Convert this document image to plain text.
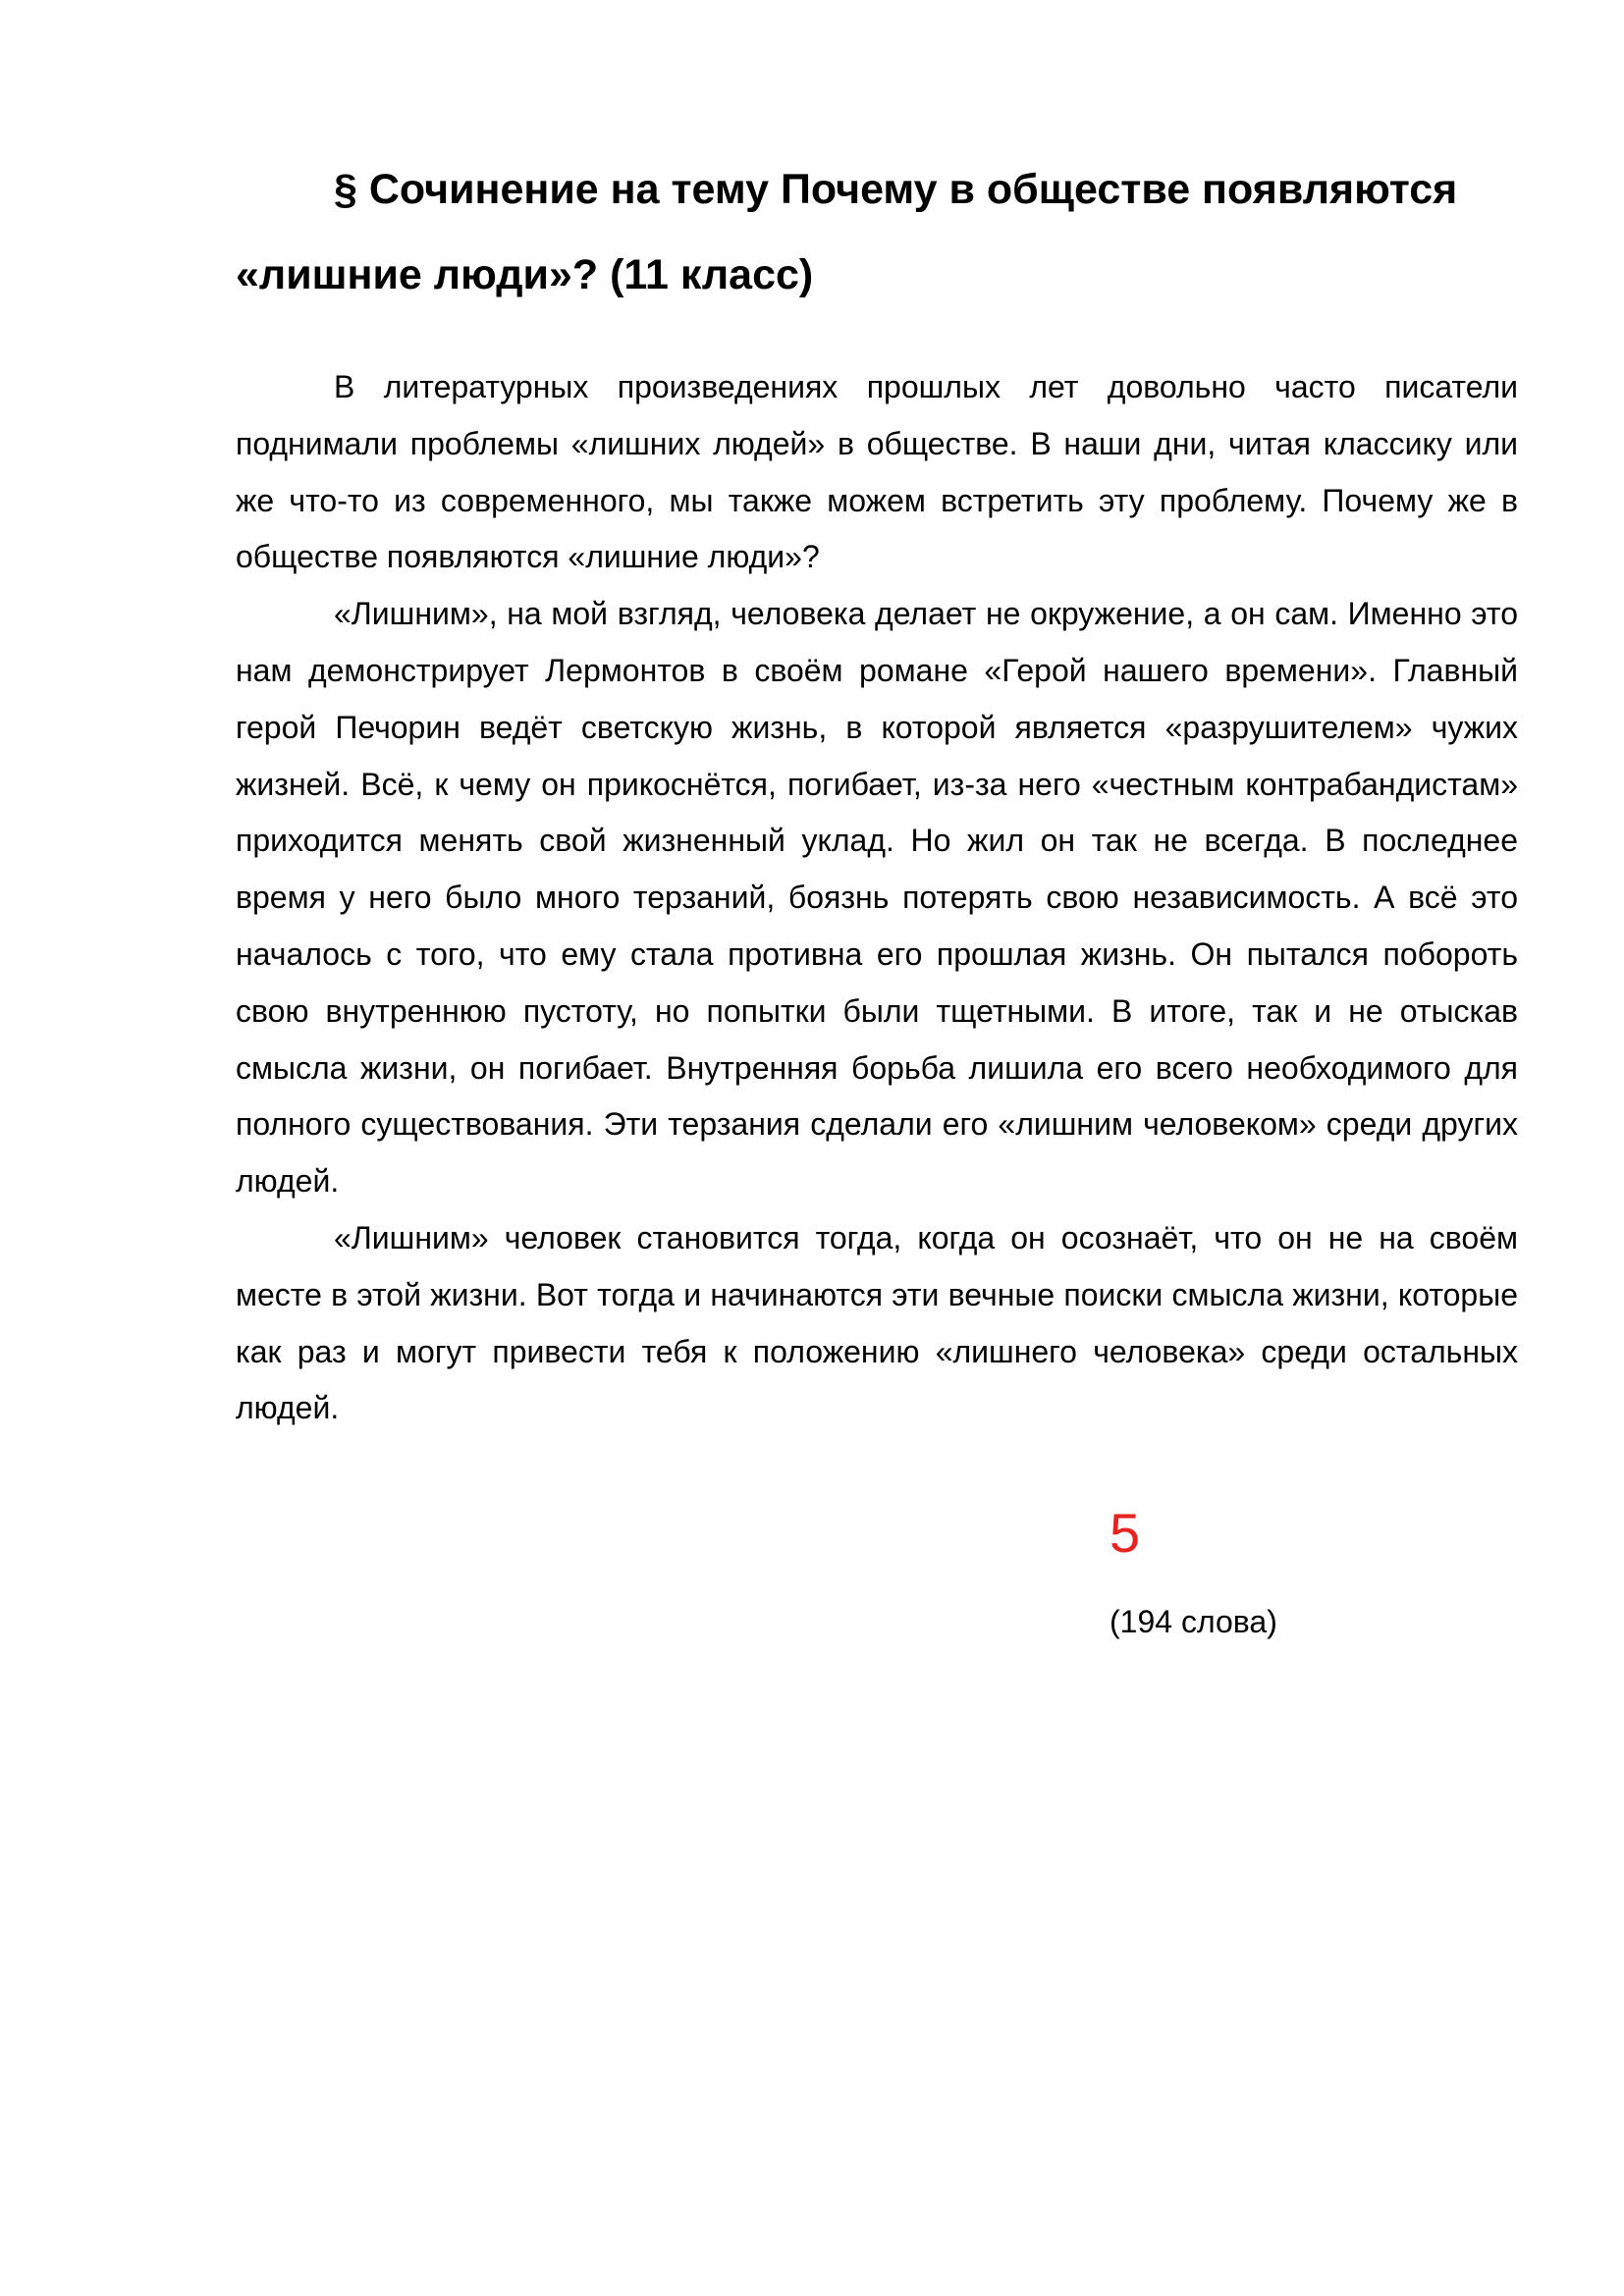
§ Сочинение на тему Почему в обществе появляются «лишние люди»? (11 класс)

В литературных произведениях прошлых лет довольно часто писатели поднимали проблемы «лишних людей» в обществе. В наши дни, читая классику или же что-то из современного, мы также можем встретить эту проблему. Почему же в обществе появляются «лишние люди»?

«Лишним», на мой взгляд, человека делает не окружение, а он сам. Именно это нам демонстрирует Лермонтов в своём романе «Герой нашего времени». Главный герой Печорин ведёт светскую жизнь, в которой является «разрушителем» чужих жизней. Всё, к чему он прикоснётся, погибает, из-за него «честным контрабандистам» приходится менять свой жизненный уклад. Но жил он так не всегда. В последнее время у него было много терзаний, боязнь потерять свою независимость. А всё это началось с того, что ему стала противна его прошлая жизнь. Он пытался побороть свою внутреннюю пустоту, но попытки были тщетными. В итоге, так и не отыскав смысла жизни, он погибает. Внутренняя борьба лишила его всего необходимого для полного существования. Эти терзания сделали его «лишним человеком» среди других людей.

«Лишним» человек становится тогда, когда он осознаёт, что он не на своём месте в этой жизни. Вот тогда и начинаются эти вечные поиски смысла жизни, которые как раз и могут привести тебя к положению «лишнего человека» среди остальных людей.

5

(194 слова)
